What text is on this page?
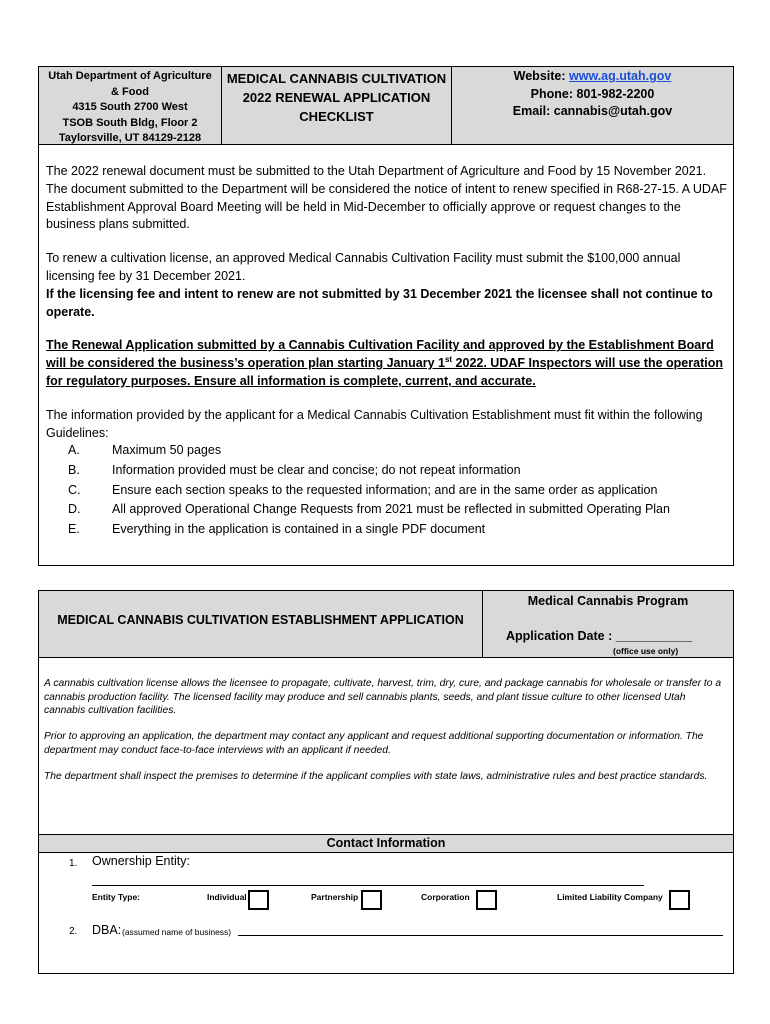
Utah Department of Agriculture
& Food
4315 South 2700 West
TSOB South Bldg, Floor 2
Taylorsville, UT 84129-2128
MEDICAL CANNABIS CULTIVATION
2022 RENEWAL APPLICATION
CHECKLIST
Website: www.ag.utah.gov
Phone: 801-982-2200
Email: cannabis@utah.gov

The 2022 renewal document must be submitted to the Utah Department of Agriculture and Food by 15 November 2021. The document submitted to the Department will be considered the notice of intent to renew specified in R68-27-15. A UDAF Establishment Approval Board Meeting will be held in Mid-December to officially approve or request changes to the business plans submitted.

To renew a cultivation license, an approved Medical Cannabis Cultivation Facility must submit the $100,000 annual licensing fee by 31 December 2021.
If the licensing fee and intent to renew are not submitted by 31 December 2021 the licensee shall not continue to operate.

The Renewal Application submitted by a Cannabis Cultivation Facility and approved by the Establishment Board will be considered the business’s operation plan starting January 1st 2022. UDAF Inspectors will use the operation for regulatory purposes. Ensure all information is complete, current, and accurate.

The information provided by the applicant for a Medical Cannabis Cultivation Establishment must fit within the following Guidelines:
A.	Maximum 50 pages
B.	Information provided must be clear and concise; do not repeat information
C.	Ensure each section speaks to the requested information; and are in the same order as application
D.	All approved Operational Change Requests from 2021 must be reflected in submitted Operating Plan
E.	Everything in the application is contained in a single PDF document
MEDICAL CANNABIS CULTIVATION ESTABLISHMENT APPLICATION
Medical Cannabis Program
Application Date : ___________
(office use only)

A cannabis cultivation license allows the licensee to propagate, cultivate, harvest, trim, dry, cure, and package cannabis for wholesale or transfer to a cannabis production facility. The licensed facility may produce and sell cannabis plants, seeds, and plant tissue culture to other licensed Utah cannabis cultivation facilities.

Prior to approving an application, the department may contact any applicant and request additional supporting documentation or information. The department may conduct face-to-face interviews with an applicant if needed.

The department shall inspect the premises to determine if the applicant complies with state laws, administrative rules and best practice standards.

Contact Information
1. Ownership Entity:
Entity Type:	Individual	Partnership	Corporation	Limited Liability Company
2. DBA: (assumed name of business)
